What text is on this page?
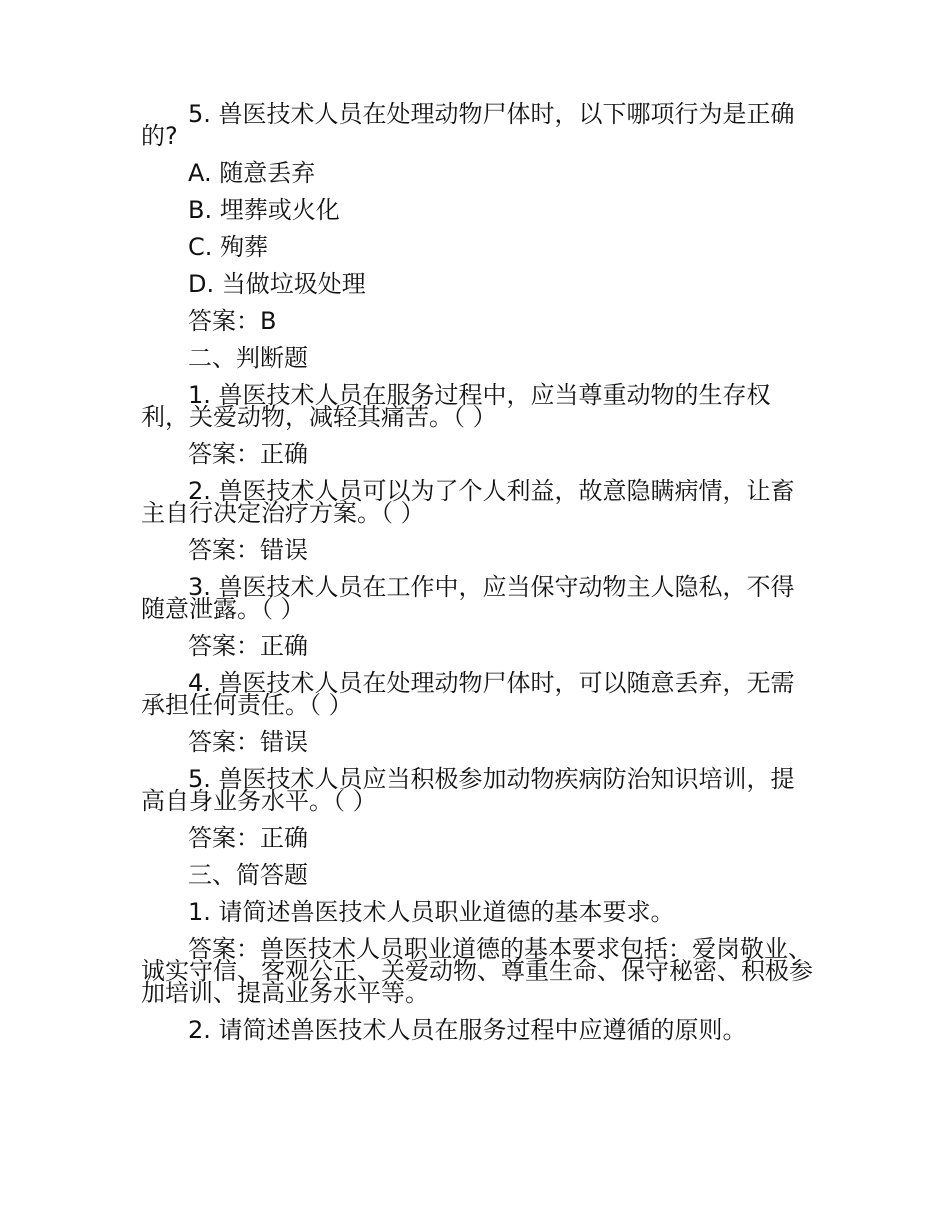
5. 兽医技术人员在处理动物尸体时，以下哪项行为是正确的?

A. 随意丢弃

B. 埋葬或火化

C. 殉葬

D. 当做垃圾处理

答案：B

二、判断题

1. 兽医技术人员在服务过程中，应当尊重动物的生存权利，关爱动物，减轻其痛苦。（ ）

答案：正确

2. 兽医技术人员可以为了个人利益，故意隐瞒病情，让畜主自行决定治疗方案。（ ）

答案：错误

3. 兽医技术人员在工作中，应当保守动物主人隐私，不得随意泄露。（ ）

答案：正确

4. 兽医技术人员在处理动物尸体时，可以随意丢弃，无需承担任何责任。（ ）

答案：错误

5. 兽医技术人员应当积极参加动物疾病防治知识培训，提高自身业务水平。（ ）

答案：正确

三、简答题

1. 请简述兽医技术人员职业道德的基本要求。

答案：兽医技术人员职业道德的基本要求包括：爱岗敬业、诚实守信、客观公正、关爱动物、尊重生命、保守秘密、积极参加培训、提高业务水平等。

2. 请简述兽医技术人员在服务过程中应遵循的原则。
